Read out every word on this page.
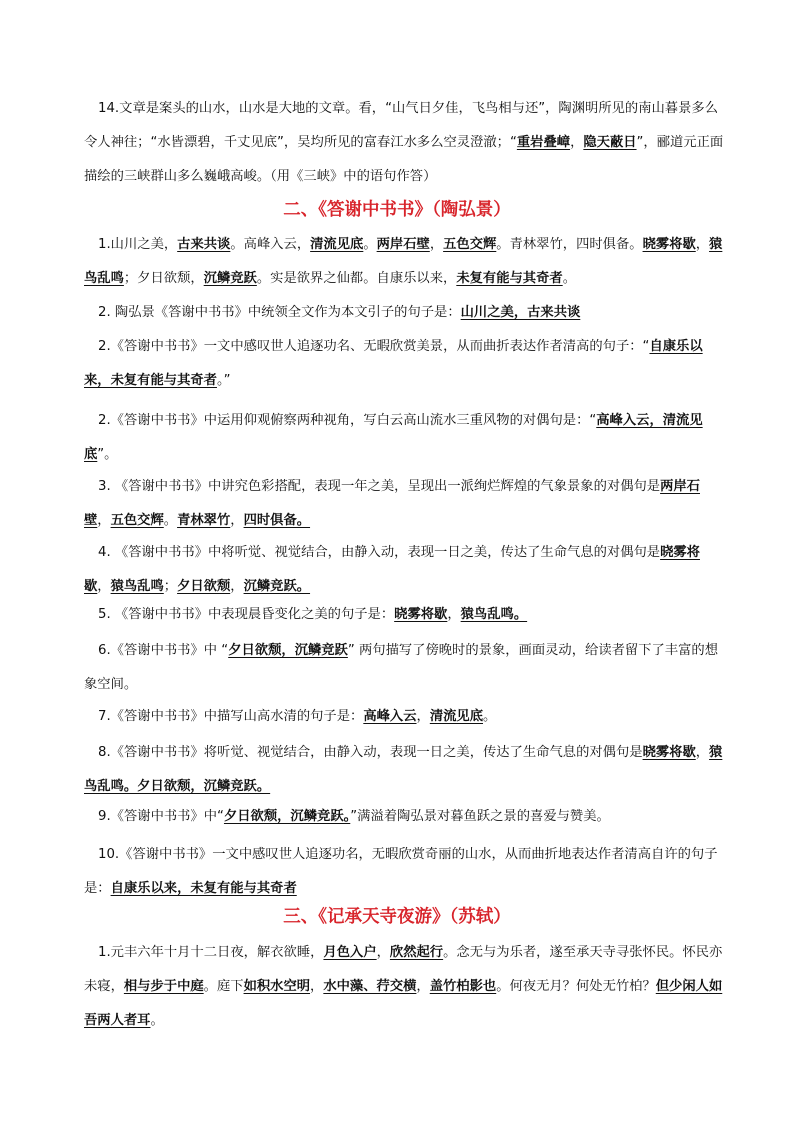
14.文章是案头的山水，山水是大地的文章。看，“山气日夕佳，飞鸟相与还”，陶渊明所见的南山暮景多么令人神往；“水皆漂碧，千丈见底”，吴均所见的富春江水多么空灵澄澈；“重岩叠嶂，隐天蔽日”，郦道元正面描绘的三峡群山多么巍峨高峻。（用《三峡》中的语句作答）

二、《答谢中书书》（陶弘景）

1.山川之美，古来共谈。高峰入云，清流见底。两岸石壁，五色交辉。青林翠竹，四时俱备。晓雾将歇，猿鸟乱鸣；夕日欲颓，沉鳞竞跃。实是欲界之仙都。自康乐以来，未复有能与其奇者。

2. 陶弘景《答谢中书书》中统领全文作为本文引子的句子是：山川之美，古来共谈

2.《答谢中书书》一文中感叹世人追逐功名、无暇欣赏美景，从而曲折表达作者清高的句子：“自康乐以来，未复有能与其奇者。”

2.《答谢中书书》中运用仰观俯察两种视角，写白云高山流水三重风物的对偶句是：“高峰入云，清流见底”。

3. 《答谢中书书》中讲究色彩搭配，表现一年之美，呈现出一派绚烂辉煌的气象景象的对偶句是两岸石壁，五色交辉。青林翠竹，四时俱备。

4. 《答谢中书书》中将听觉、视觉结合，由静入动，表现一日之美，传达了生命气息的对偶句是晓雾将歇，猿鸟乱鸣；夕日欲颓，沉鳞竞跃。

5. 《答谢中书书》中表现晨昏变化之美的句子是：晓雾将歇，猿鸟乱鸣。

6.《答谢中书书》中 “夕日欲颓，沉鳞竞跃” 两句描写了傍晚时的景象，画面灵动，给读者留下了丰富的想象空间。

7.《答谢中书书》中描写山高水清的句子是：高峰入云，清流见底。

8.《答谢中书书》将听觉、视觉结合，由静入动，表现一日之美，传达了生命气息的对偶句是晓雾将歇，猿鸟乱鸣。夕日欲颓，沉鳞竞跃。

9.《答谢中书书》中“夕日欲颓，沉鳞竞跃。”满溢着陶弘景对暮鱼跃之景的喜爱与赞美。

10.《答谢中书书》一文中感叹世人追逐功名，无暇欣赏奇丽的山水，从而曲折地表达作者清高自许的句子是：自康乐以来，未复有能与其奇者

三、《记承天寺夜游》（苏轼）

1.元丰六年十月十二日夜，解衣欲睡，月色入户，欣然起行。念无与为乐者，遂至承天寺寻张怀民。怀民亦未寝，相与步于中庭。庭下如积水空明，水中藻、荇交横，盖竹柏影也。何夜无月？何处无竹柏？但少闲人如吾两人者耳。
